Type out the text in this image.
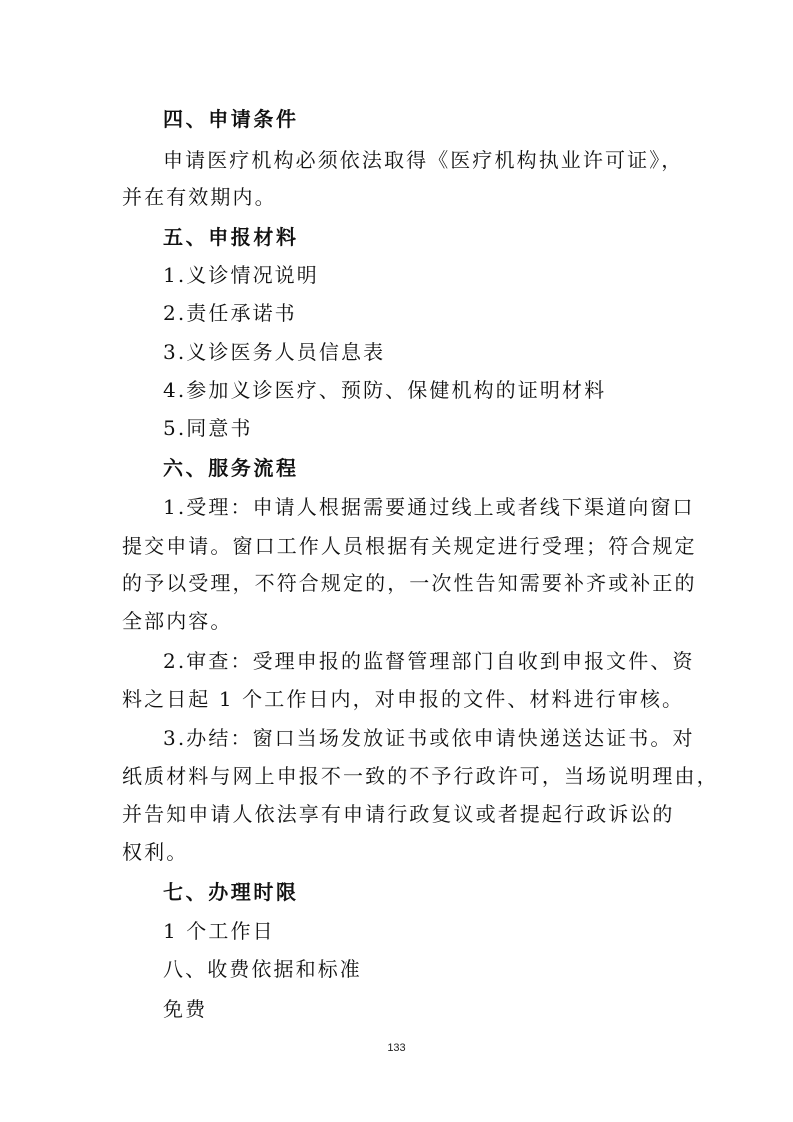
四、申请条件
申请医疗机构必须依法取得《医疗机构执业许可证》，
并在有效期内。
五、申报材料
1.义诊情况说明
2.责任承诺书
3.义诊医务人员信息表
4.参加义诊医疗、预防、保健机构的证明材料
5.同意书
六、服务流程
1.受理：申请人根据需要通过线上或者线下渠道向窗口
提交申请。窗口工作人员根据有关规定进行受理；符合规定
的予以受理，不符合规定的，一次性告知需要补齐或补正的
全部内容。
2.审查：受理申报的监督管理部门自收到申报文件、资
料之日起 1 个工作日内，对申报的文件、材料进行审核。
3.办结：窗口当场发放证书或依申请快递送达证书。对
纸质材料与网上申报不一致的不予行政许可，当场说明理由，
并告知申请人依法享有申请行政复议或者提起行政诉讼的
权利。
七、办理时限
1 个工作日
八、收费依据和标准
免费
133
